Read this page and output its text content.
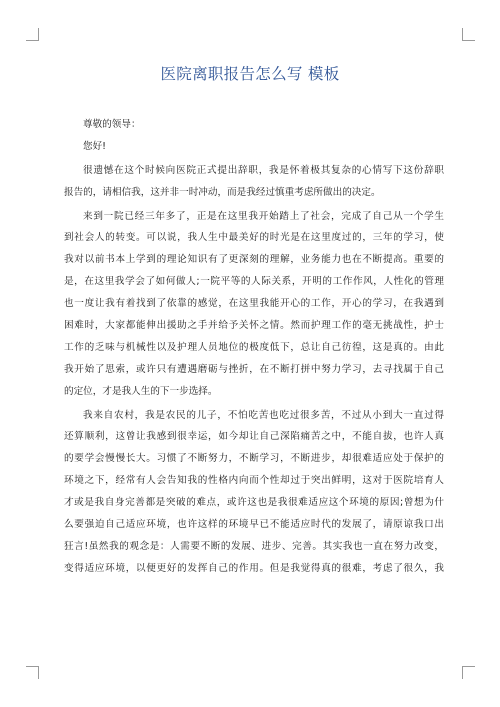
医院离职报告怎么写 模板
尊敬的领导：
您好!
很遗憾在这个时候向医院正式提出辞职，我是怀着极其复杂的心情写下这份辞职
报告的，请相信我，这并非一时冲动，而是我经过慎重考虑所做出的决定。
来到一院已经三年多了，正是在这里我开始踏上了社会，完成了自己从一个学生
到社会人的转变。可以说，我人生中最美好的时光是在这里度过的，三年的学习，使
我对以前书本上学到的理论知识有了更深刻的理解，业务能力也在不断提高。重要的
是，在这里我学会了如何做人;一院平等的人际关系，开明的工作作风，人性化的管理
也一度让我有着找到了依靠的感觉，在这里我能开心的工作，开心的学习，在我遇到
困难时，大家都能伸出援助之手并给予关怀之情。然而护理工作的毫无挑战性，护士
工作的乏味与机械性以及护理人员地位的极度低下，总让自己彷徨，这是真的。由此
我开始了思索，或许只有遭遇磨砺与挫折，在不断打拼中努力学习，去寻找属于自己
的定位，才是我人生的下一步选择。
我来自农村，我是农民的儿子，不怕吃苦也吃过很多苦，不过从小到大一直过得
还算顺利，这曾让我感到很幸运，如今却让自己深陷痛苦之中，不能自拔，也许人真
的要学会慢慢长大。习惯了不断努力，不断学习，不断进步，却很难适应处于保护的
环境之下，经常有人会告知我的性格内向而个性却过于突出鲜明，这对于医院培育人
才或是我自身完善都是突破的难点，或许这也是我很难适应这个环境的原因;曾想为什
么要强迫自己适应环境，也许这样的环境早已不能适应时代的发展了，请原谅我口出
狂言!虽然我的观念是：人需要不断的发展、进步、完善。其实我也一直在努力改变，
变得适应环境，以便更好的发挥自己的作用。但是我觉得真的很难，考虑了很久，我
